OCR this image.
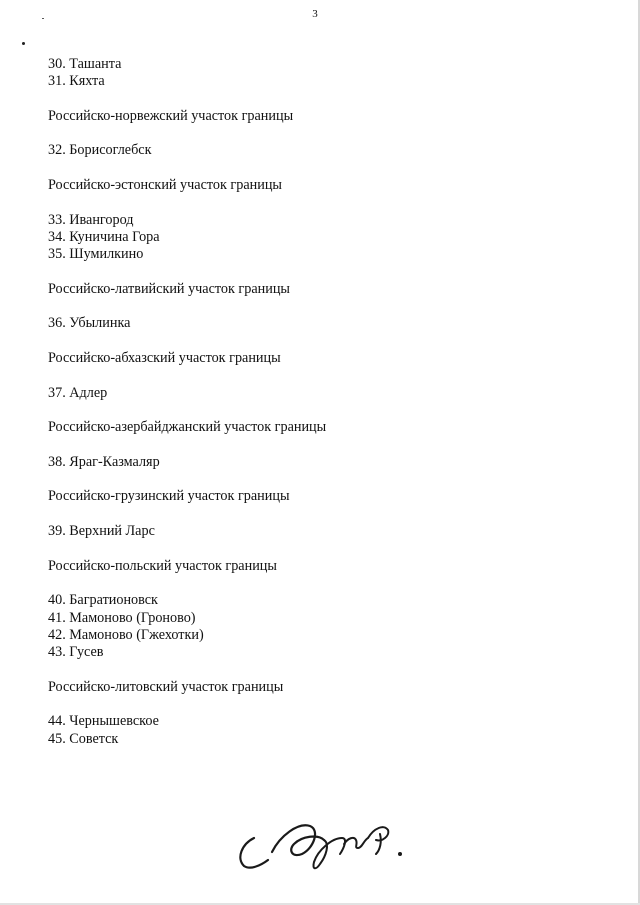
3
30. Ташанта
31. Кяхта
Российско-норвежский участок границы
32. Борисоглебск
Российско-эстонский участок границы
33. Ивангород
34. Куничина Гора
35. Шумилкино
Российско-латвийский участок границы
36. Убылинка
Российско-абхазский участок границы
37. Адлер
Российско-азербайджанский участок границы
38. Яраг-Казмаляр
Российско-грузинский участок границы
39. Верхний Ларс
Российско-польский участок границы
40. Багратионовск
41. Мамоново (Гроново)
42. Мамоново (Гжехотки)
43. Гусев
Российско-литовский участок границы
44. Чернышевское
45. Советск
